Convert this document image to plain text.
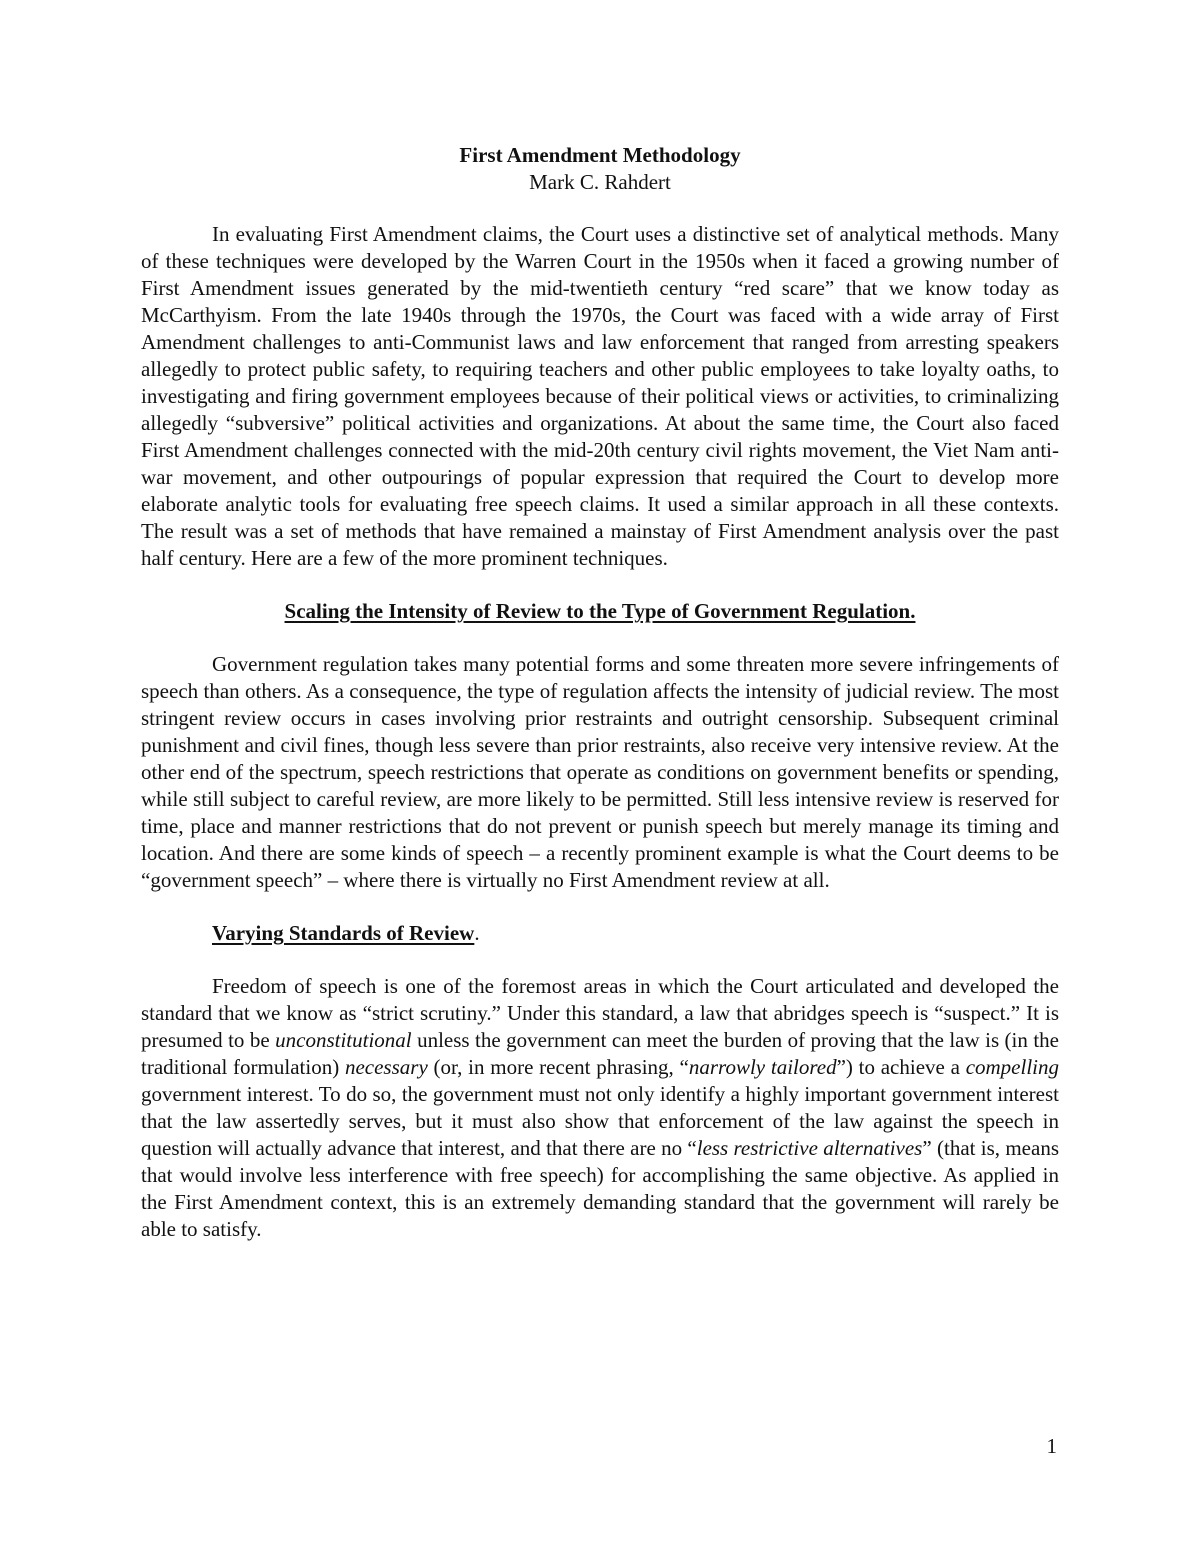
First Amendment Methodology

Mark C. Rahdert

In evaluating First Amendment claims, the Court uses a distinctive set of analytical methods. Many of these techniques were developed by the Warren Court in the 1950s when it faced a growing number of First Amendment issues generated by the mid-twentieth century “red scare” that we know today as McCarthyism. From the late 1940s through the 1970s, the Court was faced with a wide array of First Amendment challenges to anti-Communist laws and law enforcement that ranged from arresting speakers allegedly to protect public safety, to requiring teachers and other public employees to take loyalty oaths, to investigating and firing government employees because of their political views or activities, to criminalizing allegedly “subversive” political activities and organizations. At about the same time, the Court also faced First Amendment challenges connected with the mid-20th century civil rights movement, the Viet Nam anti-war movement, and other outpourings of popular expression that required the Court to develop more elaborate analytic tools for evaluating free speech claims. It used a similar approach in all these contexts. The result was a set of methods that have remained a mainstay of First Amendment analysis over the past half century. Here are a few of the more prominent techniques.

Scaling the Intensity of Review to the Type of Government Regulation.

Government regulation takes many potential forms and some threaten more severe infringements of speech than others. As a consequence, the type of regulation affects the intensity of judicial review. The most stringent review occurs in cases involving prior restraints and outright censorship. Subsequent criminal punishment and civil fines, though less severe than prior restraints, also receive very intensive review. At the other end of the spectrum, speech restrictions that operate as conditions on government benefits or spending, while still subject to careful review, are more likely to be permitted. Still less intensive review is reserved for time, place and manner restrictions that do not prevent or punish speech but merely manage its timing and location. And there are some kinds of speech – a recently prominent example is what the Court deems to be “government speech” – where there is virtually no First Amendment review at all.

Varying Standards of Review.

Freedom of speech is one of the foremost areas in which the Court articulated and developed the standard that we know as “strict scrutiny.” Under this standard, a law that abridges speech is “suspect.” It is presumed to be unconstitutional unless the government can meet the burden of proving that the law is (in the traditional formulation) necessary (or, in more recent phrasing, “narrowly tailored”) to achieve a compelling government interest. To do so, the government must not only identify a highly important government interest that the law assertedly serves, but it must also show that enforcement of the law against the speech in question will actually advance that interest, and that there are no “less restrictive alternatives” (that is, means that would involve less interference with free speech) for accomplishing the same objective. As applied in the First Amendment context, this is an extremely demanding standard that the government will rarely be able to satisfy.

1
